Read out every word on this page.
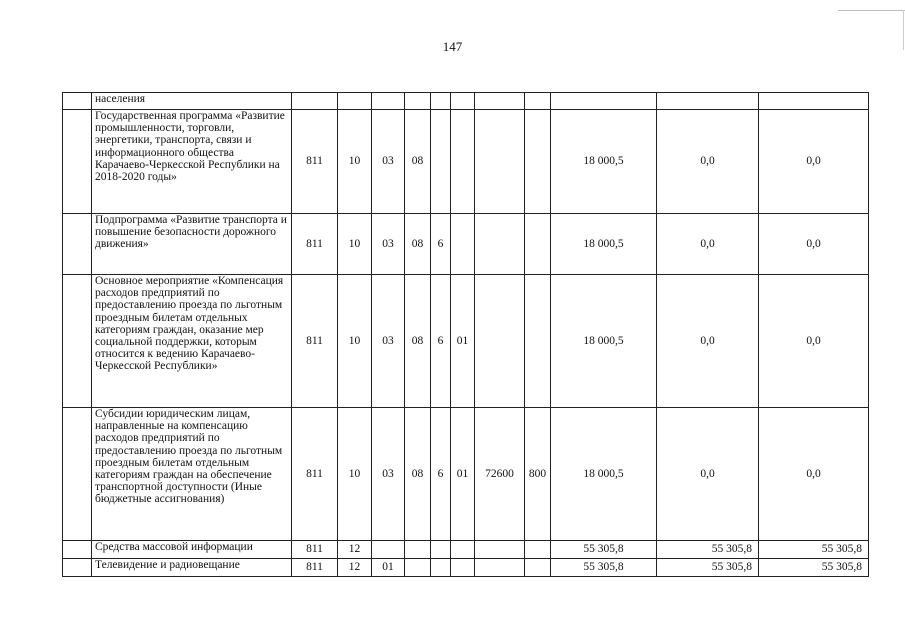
147
	населения											
	Государственная программа «Развитие промышленности, торговли, энергетики, транспорта, связи и информационного общества Карачаево-Черкесской Республики на 2018-2020 годы»	811	10	03	08					18 000,5	0,0	0,0
	Подпрограмма «Развитие транспорта и повышение безопасности дорожного движения»	811	10	03	08	6				18 000,5	0,0	0,0
	Основное мероприятие «Компенсация расходов предприятий по предоставлению проезда по льготным проездным билетам отдельных категориям граждан, оказание мер социальной поддержки, которым относится к ведению Карачаево-Черкесской Республики»	811	10	03	08	6	01			18 000,5	0,0	0,0
	Субсидии юридическим лицам, направленные на компенсацию расходов предприятий по предоставлению проезда по льготным проездным билетам отдельным категориям граждан на обеспечение транспортной доступности (Иные бюджетные ассигнования)	811	10	03	08	6	01	72600	800	18 000,5	0,0	0,0
	Средства массовой информации	811	12							55 305,8	55 305,8	55 305,8
	Телевидение и радиовещание	811	12	01						55 305,8	55 305,8	55 305,8
